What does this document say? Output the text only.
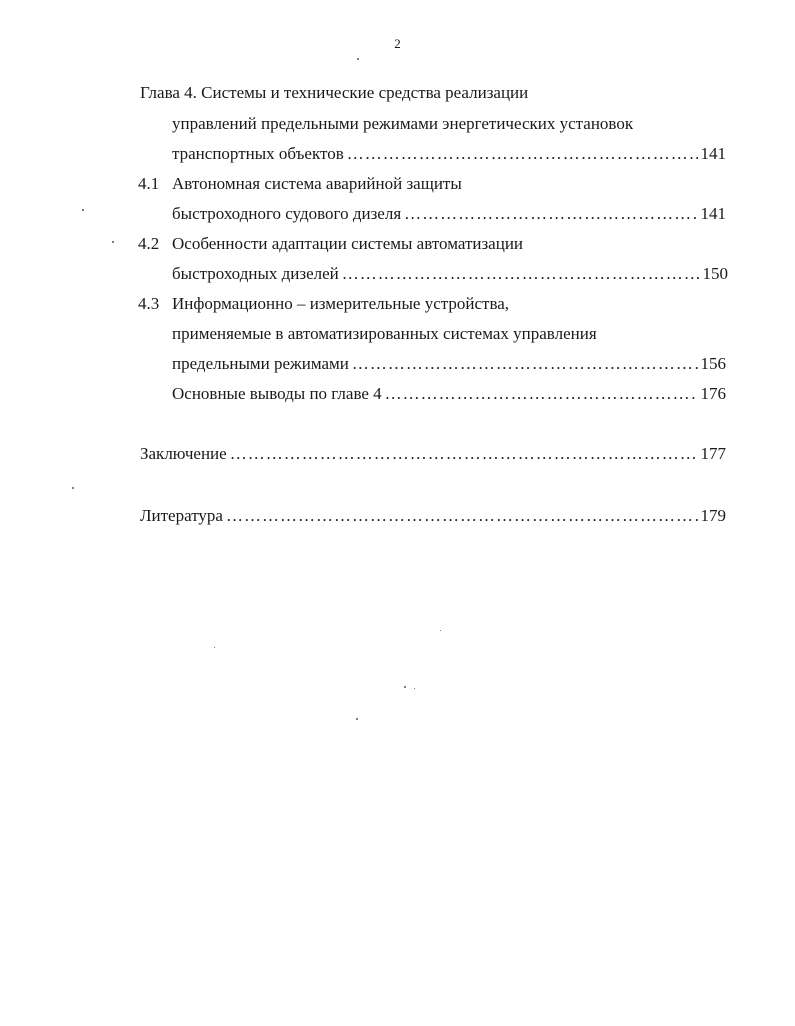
2
Глава 4. Системы и технические средства реализации
управлений предельными режимами энергетических установок
транспортных объектов ……………………………………………………………………………………………………………………………………………………………………	141
4.1 Автономная система аварийной защиты
быстроходного судового дизеля ……………………………………………………………………………………………………………………………………………………………………	141
4.2 Особенности адаптации системы автоматизации
быстроходных дизелей ……………………………………………………………………………………………………………………………………………………………………	150
4.3 Информационно – измерительные устройства,
применяемые в автоматизированных системах управления
предельными режимами ……………………………………………………………………………………………………………………………………………………………………	156
Основные выводы по главе 4 ……………………………………………………………………………………………………………………………………………………………………	176
Заключение ……………………………………………………………………………………………………………………………………………………………………	177
Литература ……………………………………………………………………………………………………………………………………………………………………	179
